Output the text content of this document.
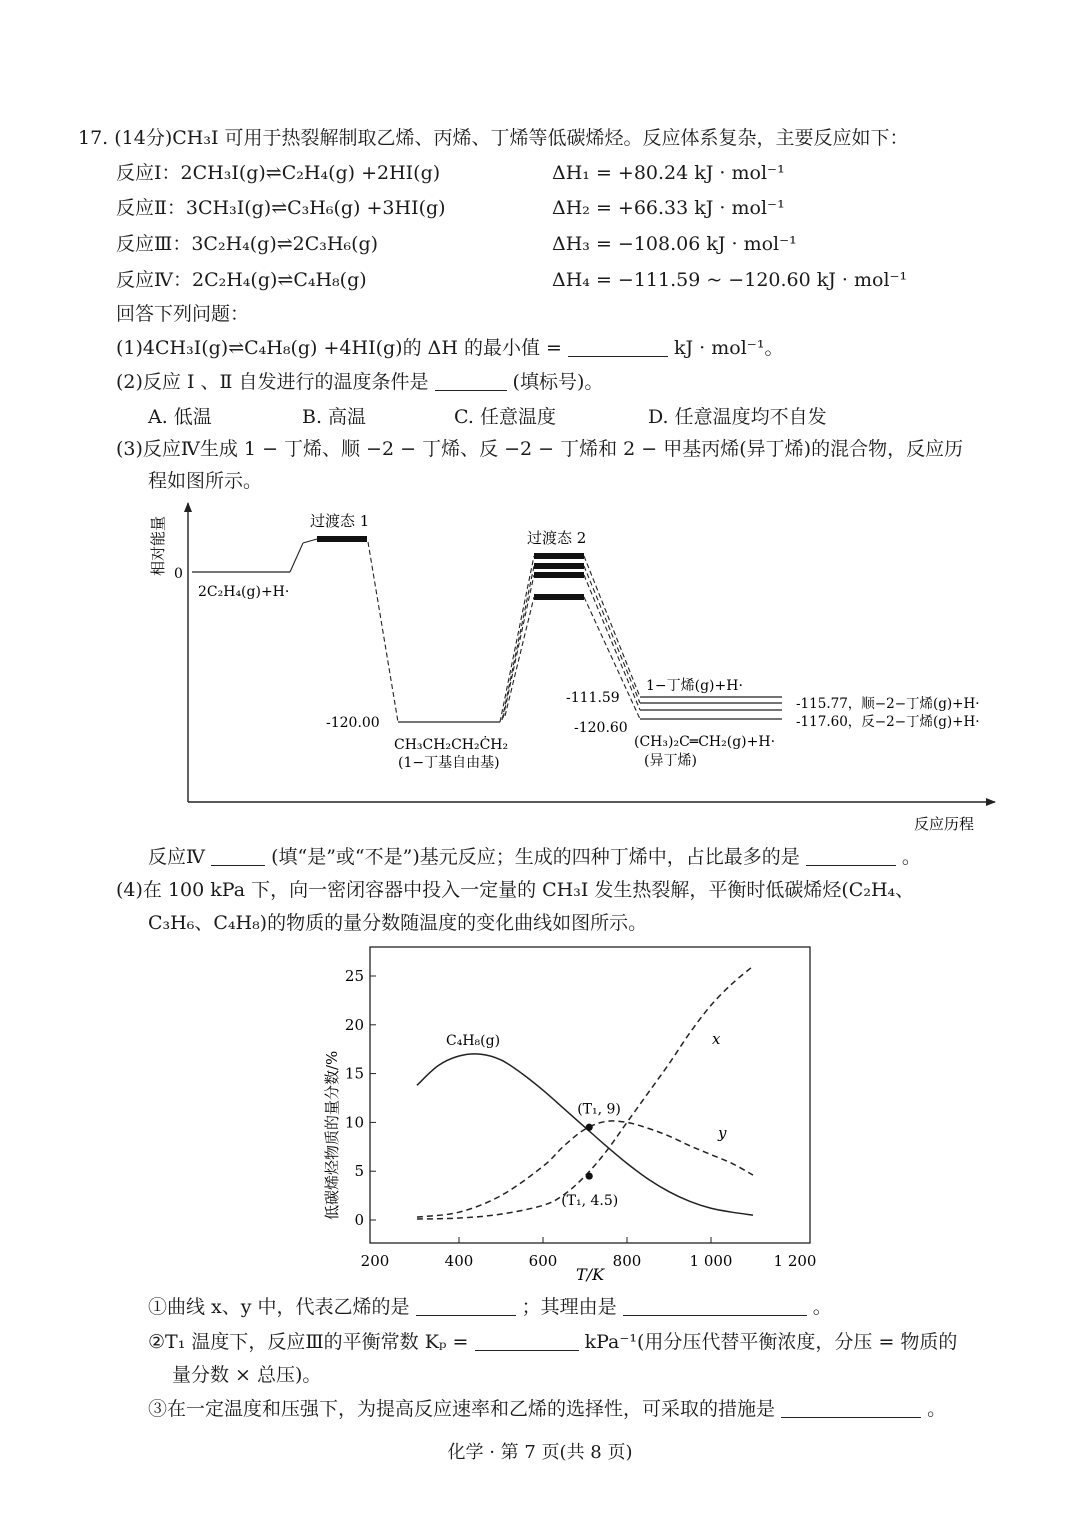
17. (14分)CH₃I 可用于热裂解制取乙烯、丙烯、丁烯等低碳烯烃。反应体系复杂，主要反应如下：
反应Ⅰ：2CH₃I(g)⇌C₂H₄(g) +2HI(g)	ΔH₁ = +80.24 kJ · mol⁻¹
反应Ⅱ：3CH₃I(g)⇌C₃H₆(g) +3HI(g)	ΔH₂ = +66.33 kJ · mol⁻¹
反应Ⅲ：3C₂H₄(g)⇌2C₃H₆(g)	ΔH₃ = −108.06 kJ · mol⁻¹
反应Ⅳ：2C₂H₄(g)⇌C₄H₈(g)	ΔH₄ = −111.59 ~ −120.60 kJ · mol⁻¹
回答下列问题：
(1)4CH₃I(g)⇌C₄H₈(g) +4HI(g)的 ΔH 的最小值 =	kJ · mol⁻¹。
(2)反应 Ⅰ 、Ⅱ 自发进行的温度条件是	(填标号)。
A. 低温	B. 高温	C. 任意温度	D. 任意温度均不自发
(3)反应Ⅳ生成 1 − 丁烯、顺 −2 − 丁烯、反 −2 − 丁烯和 2 − 甲基丙烯(异丁烯)的混合物，反应历
程如图所示。
相对能量
反应历程
0
2C₂H₄(g)+H·
过渡态 1
-120.00
CH₃CH₂CH₂ĊH₂
(1−丁基自由基)
过渡态 2
-111.59
-120.60
1−丁烯(g)+H·
(CH₃)₂C═CH₂(g)+H·
(异丁烯)
-115.77，顺−2−丁烯(g)+H·
-117.60，反−2−丁烯(g)+H·
反应Ⅳ	(填“是”或“不是”)基元反应；生成的四种丁烯中，占比最多的是	。
(4)在 100 kPa 下，向一密闭容器中投入一定量的 CH₃I 发生热裂解，平衡时低碳烯烃(C₂H₄、
C₃H₆、C₄H₈)的物质的量分数随温度的变化曲线如图所示。
200	400	600	800	1 000	1 200
0
5
10
15
20
25
C₄H₈(g)	x
y
(T₁, 9)
(T₁, 4.5)
低碳烯烃物质的量分数/%
T/K
①曲线 x、y 中，代表乙烯的是	；其理由是	。
②T₁ 温度下，反应Ⅲ的平衡常数 Kₚ =	kPa⁻¹(用分压代替平衡浓度，分压 = 物质的
量分数 × 总压)。
③在一定温度和压强下，为提高反应速率和乙烯的选择性，可采取的措施是	。
化学 · 第 7 页(共 8 页)
